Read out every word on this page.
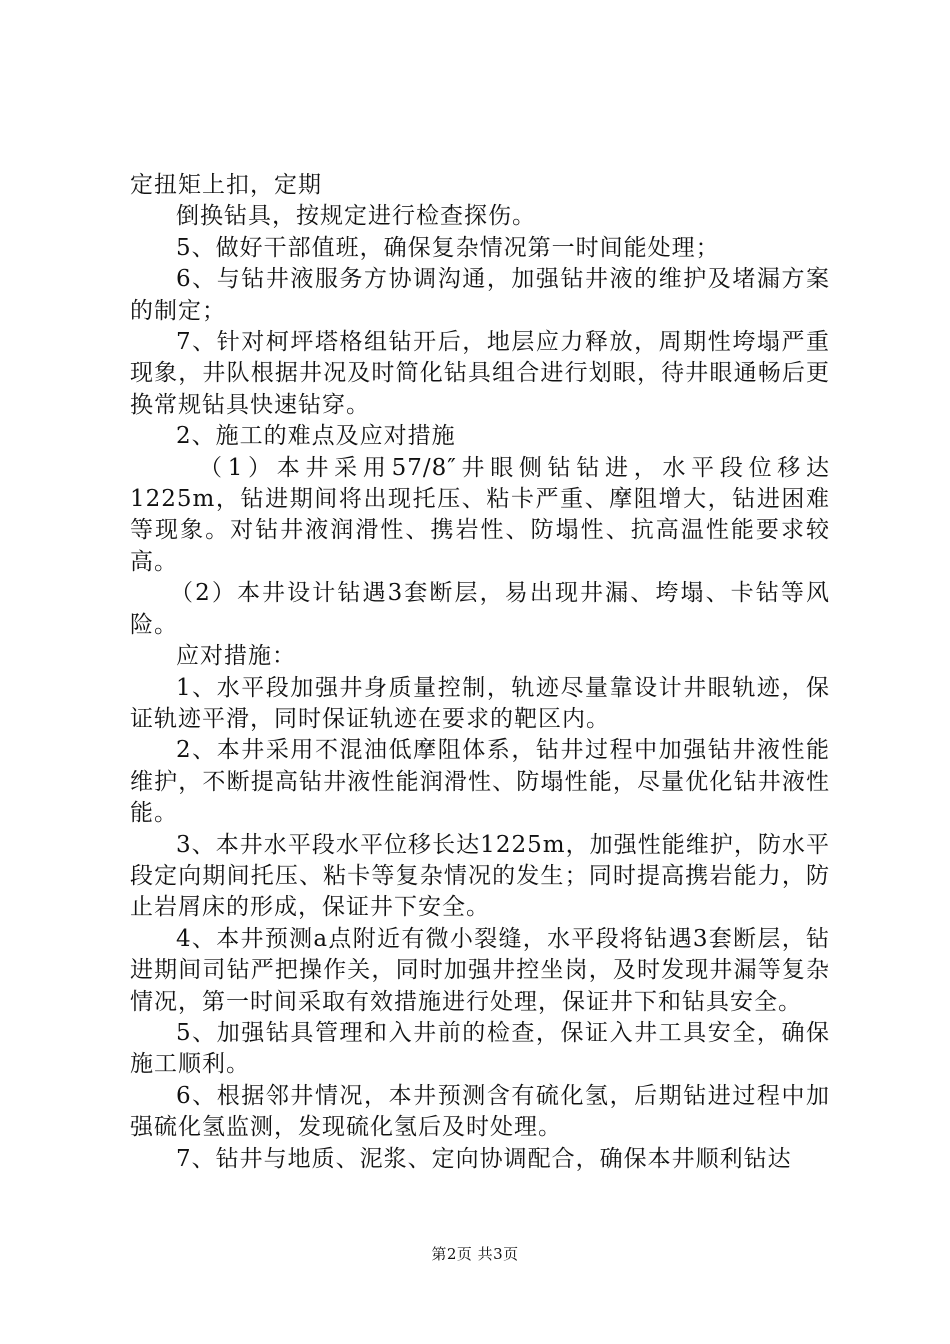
定扭矩上扣，定期

倒换钻具，按规定进行检查探伤。

5、做好干部值班，确保复杂情况第一时间能处理；

6、与钻井液服务方协调沟通，加强钻井液的维护及堵漏方案的制定；

7、针对柯坪塔格组钻开后，地层应力释放，周期性垮塌严重现象，井队根据井况及时简化钻具组合进行划眼，待井眼通畅后更换常规钻具快速钻穿。

2、施工的难点及应对措施

（1）本井采用57/8″井眼侧钻钻进，水平段位移达1225m，钻进期间将出现托压、粘卡严重、摩阻增大，钻进困难等现象。对钻井液润滑性、携岩性、防塌性、抗高温性能要求较高。

（2）本井设计钻遇3套断层，易出现井漏、垮塌、卡钻等风险。

应对措施：

1、水平段加强井身质量控制，轨迹尽量靠设计井眼轨迹，保证轨迹平滑，同时保证轨迹在要求的靶区内。

2、本井采用不混油低摩阻体系，钻井过程中加强钻井液性能维护，不断提高钻井液性能润滑性、防塌性能，尽量优化钻井液性能。

3、本井水平段水平位移长达1225m，加强性能维护，防水平段定向期间托压、粘卡等复杂情况的发生；同时提高携岩能力，防止岩屑床的形成，保证井下安全。

4、本井预测a点附近有微小裂缝，水平段将钻遇3套断层，钻进期间司钻严把操作关，同时加强井控坐岗，及时发现井漏等复杂情况，第一时间采取有效措施进行处理，保证井下和钻具安全。

5、加强钻具管理和入井前的检查，保证入井工具安全，确保施工顺利。

6、根据邻井情况，本井预测含有硫化氢，后期钻进过程中加强硫化氢监测，发现硫化氢后及时处理。

7、钻井与地质、泥浆、定向协调配合，确保本井顺利钻达

第2页 共3页
